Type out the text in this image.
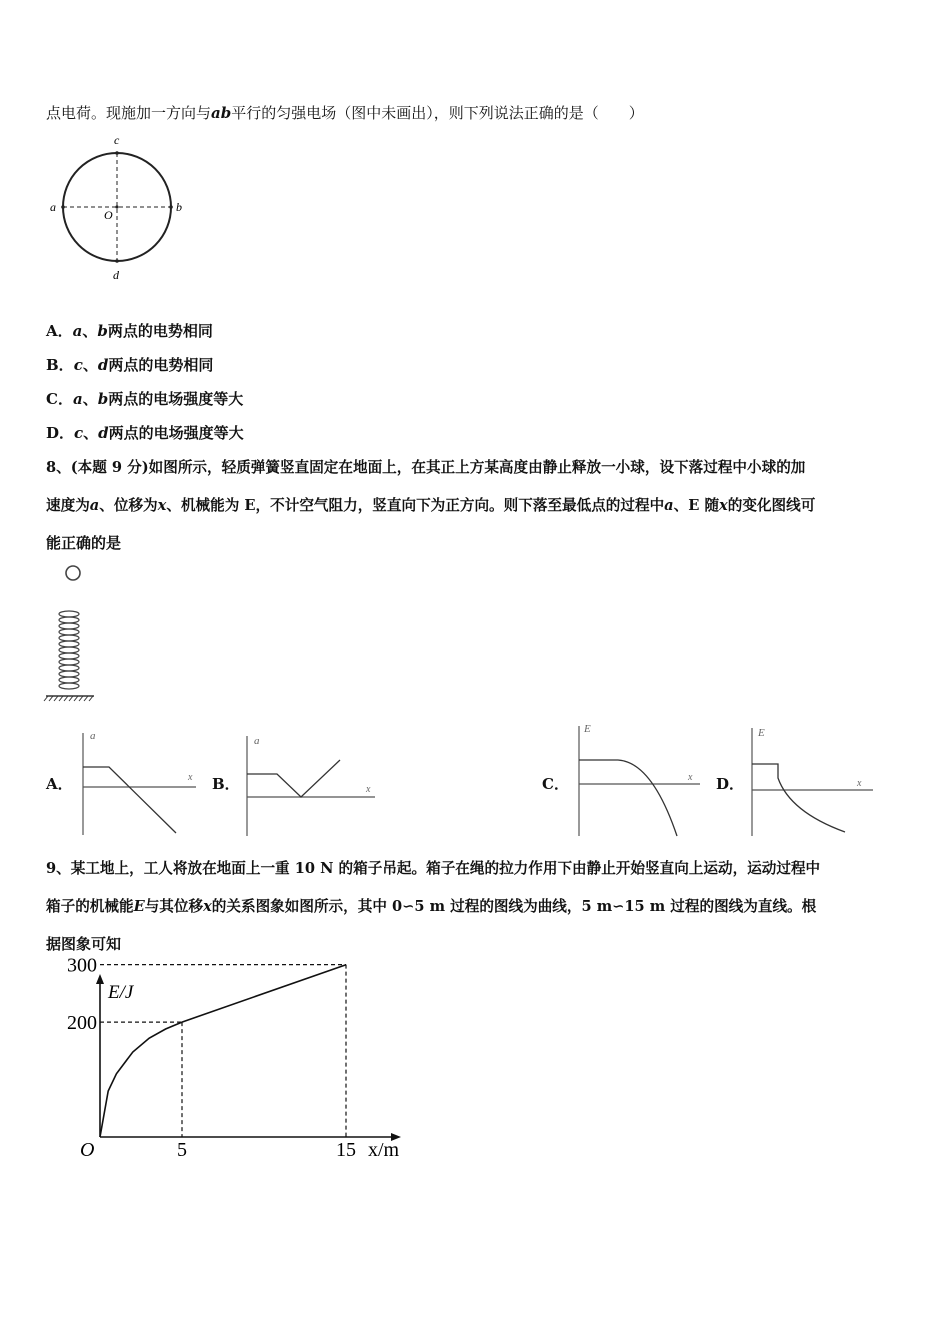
点电荷。现施加一方向与ab平行的匀强电场（图中未画出），则下列说法正确的是（　　）
a	b
c
d
O
A．a、b两点的电势相同
B．c、d两点的电势相同
C．a、b两点的电场强度等大
D．c、d两点的电场强度等大
8、(本题 9 分)如图所示，轻质弹簧竖直固定在地面上，在其正上方某高度由静止释放一小球，设下落过程中小球的加
速度为a、位移为x、机械能为 E，不计空气阻力，竖直向下为正方向。则下落至最低点的过程中a、E 随x的变化图线可
能正确的是
A．
a
x B．
a
x	C．
E
x D．
E
x
9、某工地上，工人将放在地面上一重 10 N 的箱子吊起。箱子在绳的拉力作用下由静止开始竖直向上运动，运动过程中
箱子的机械能E与其位移x的关系图象如图所示，其中 0∽5 m 过程的图线为曲线，5 m∽15 m 过程的图线为直线。根
据图象可知
5	15
200
300
E/J
O	x/m
